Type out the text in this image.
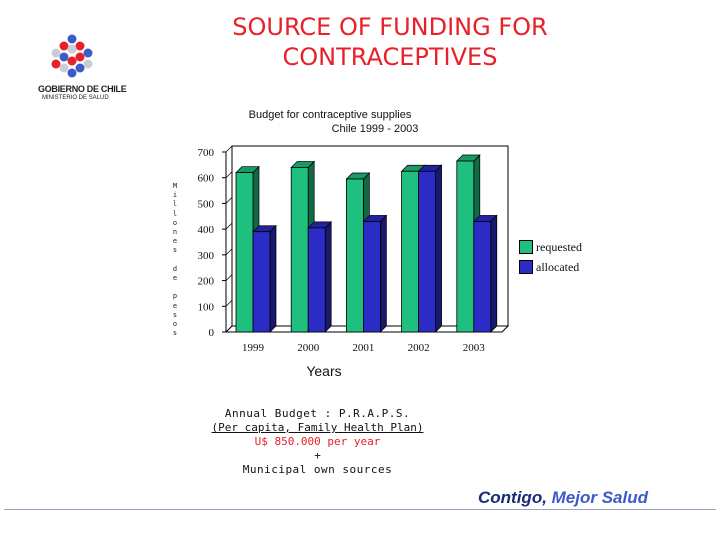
GOBIERNO DE CHILE
MINISTERIO DE SALUD
SOURCE OF FUNDING FOR
CONTRACEPTIVES
Budget for contraceptive supplies
Chile 1999 - 2003
M
i
l
l
o
n
e
s

d
e

p
e
s
o
s	0
100
200
300
400
500
600
700
1999	2000	2001	2002	2003
Years
requested
allocated
Annual Budget : P.R.A.P.S.
(Per capita, Family Health Plan)
U$ 850.000 per year
+
Municipal own sources
Contigo, Mejor Salud
